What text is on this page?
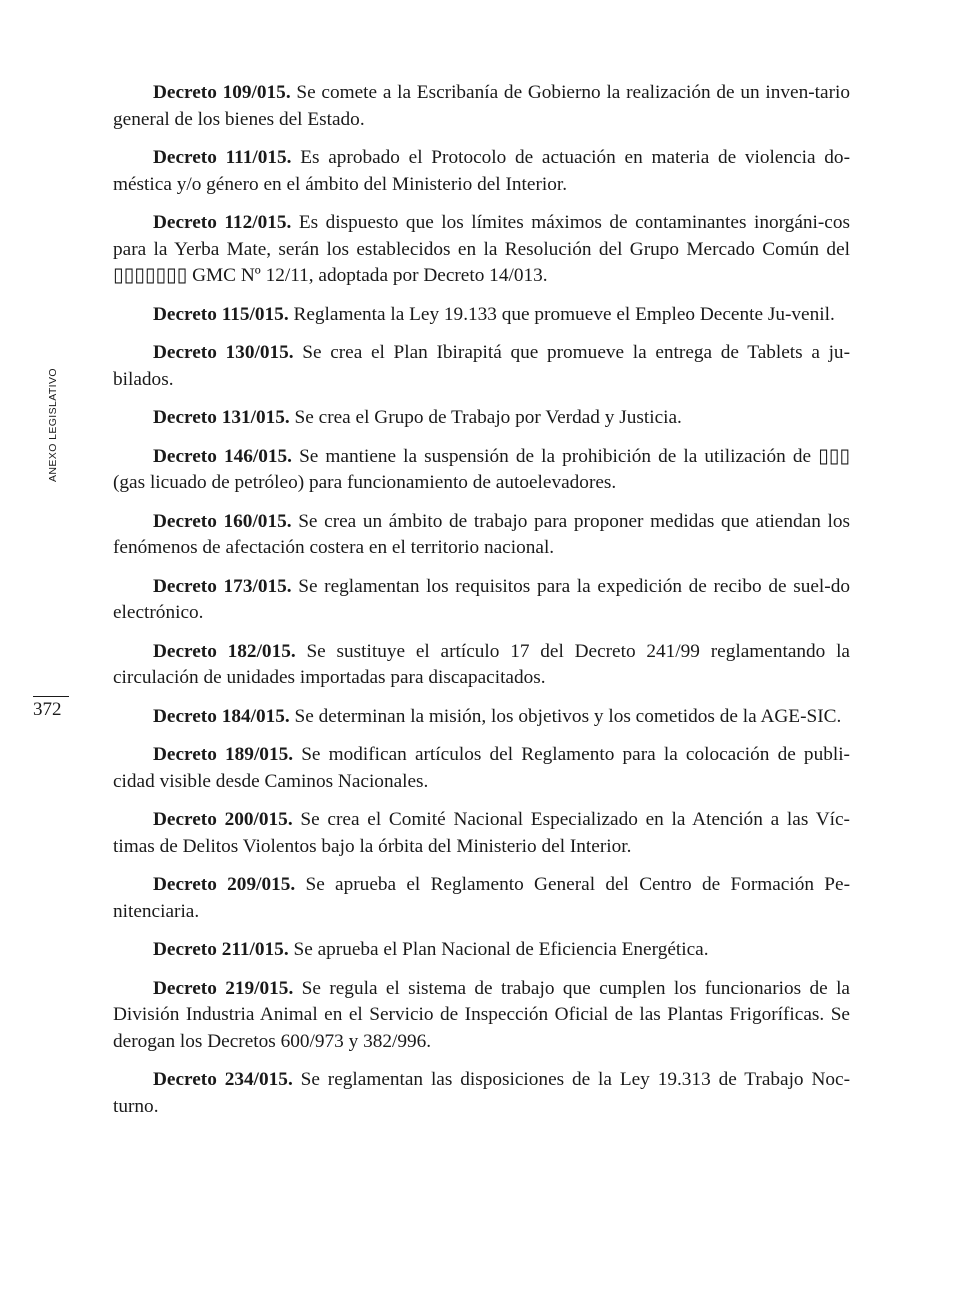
ANEXO LEGISLATIVO
372

Decreto 109/015. Se comete a la Escribanía de Gobierno la realización de un inven-tario general de los bienes del Estado.

Decreto 111/015. Es aprobado el Protocolo de actuación en materia de violencia do-méstica y/o género en el ámbito del Ministerio del Interior.

Decreto 112/015. Es dispuesto que los límites máximos de contaminantes inorgáni-cos para la Yerba Mate, serán los establecidos en la Resolución del Grupo Mercado Común del ▯▯▯▯▯▯▯ GMC Nº 12/11, adoptada por Decreto 14/013.

Decreto 115/015. Reglamenta la Ley 19.133 que promueve el Empleo Decente Ju-venil.

Decreto 130/015. Se crea el Plan Ibirapitá que promueve la entrega de Tablets a ju-bilados.

Decreto 131/015. Se crea el Grupo de Trabajo por Verdad y Justicia.

Decreto 146/015. Se mantiene la suspensión de la prohibición de la utilización de ▯▯▯ (gas licuado de petróleo) para funcionamiento de autoelevadores.

Decreto 160/015. Se crea un ámbito de trabajo para proponer medidas que atiendan los fenómenos de afectación costera en el territorio nacional.

Decreto 173/015. Se reglamentan los requisitos para la expedición de recibo de suel-do electrónico.

Decreto 182/015. Se sustituye el artículo 17 del Decreto 241/99 reglamentando la circulación de unidades importadas para discapacitados.

Decreto 184/015. Se determinan la misión, los objetivos y los cometidos de la AGE-SIC.

Decreto 189/015. Se modifican artículos del Reglamento para la colocación de publi-cidad visible desde Caminos Nacionales.

Decreto 200/015. Se crea el Comité Nacional Especializado en la Atención a las Víc-timas de Delitos Violentos bajo la órbita del Ministerio del Interior.

Decreto 209/015. Se aprueba el Reglamento General del Centro de Formación Pe-nitenciaria.

Decreto 211/015. Se aprueba el Plan Nacional de Eficiencia Energética.

Decreto 219/015. Se regula el sistema de trabajo que cumplen los funcionarios de la División Industria Animal en el Servicio de Inspección Oficial de las Plantas Frigoríficas. Se derogan los Decretos 600/973 y 382/996.

Decreto 234/015. Se reglamentan las disposiciones de la Ley 19.313 de Trabajo Noc-turno.
